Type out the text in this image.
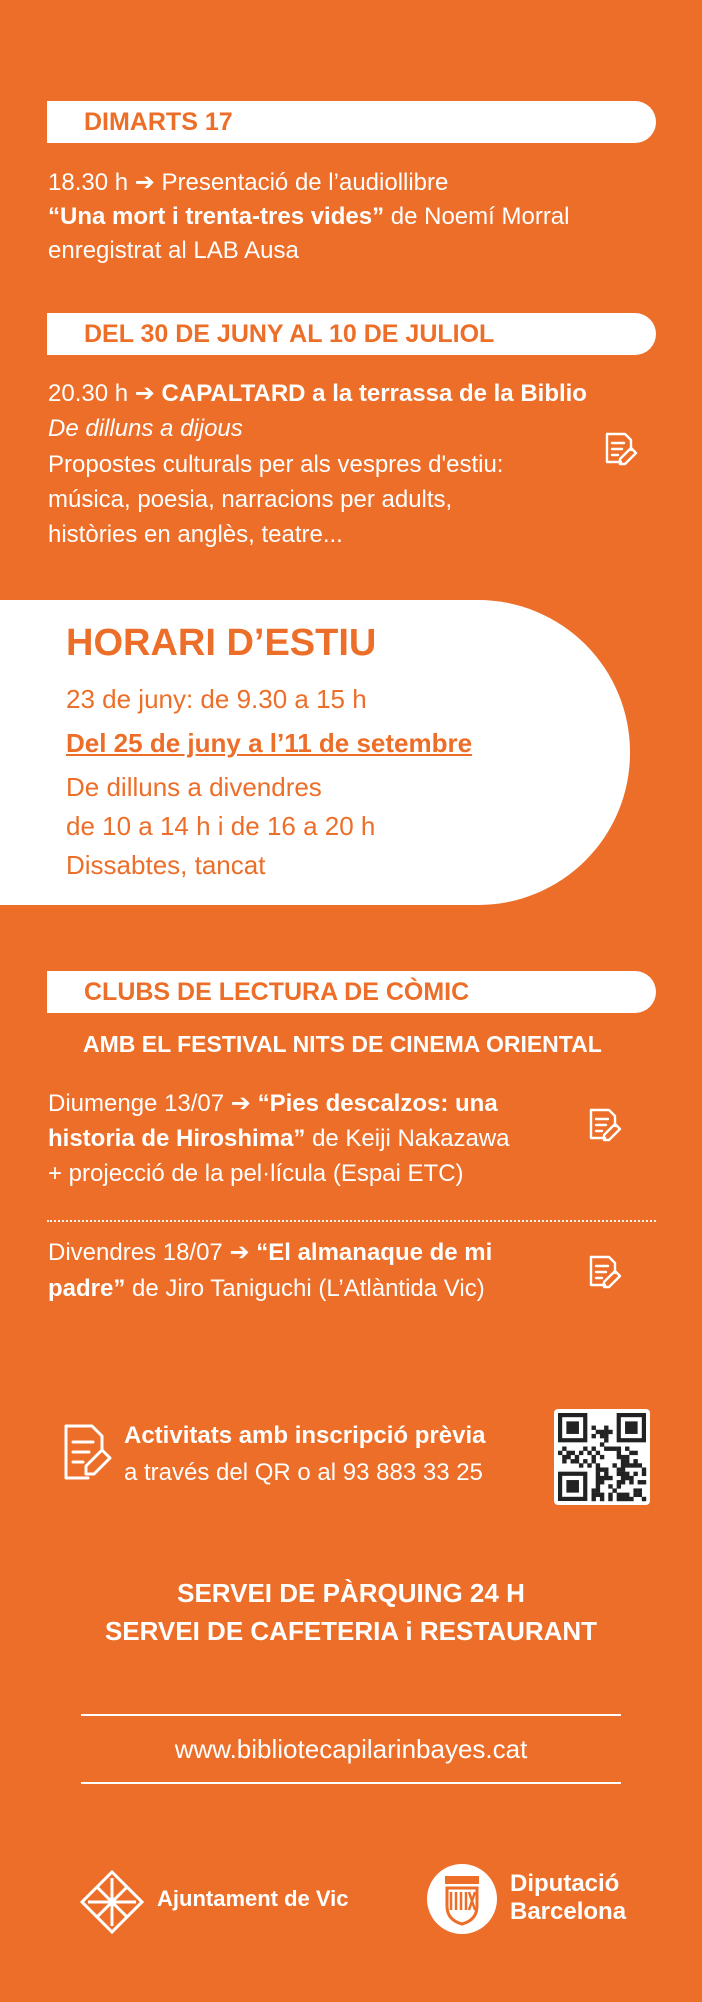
DIMARTS 17
18.30 h ➔ Presentació de l’audiollibre
“Una mort i trenta-tres vides” de Noemí Morral
enregistrat al LAB Ausa
DEL 30 DE JUNY AL 10 DE JULIOL
20.30 h ➔ CAPALTARD a la terrassa de la Biblio
De dilluns a dijous
Propostes culturals per als vespres d'estiu:
música, poesia, narracions per adults,
històries en anglès, teatre...
HORARI D’ESTIU
23 de juny: de 9.30 a 15 h
Del 25 de juny a l’11 de setembre
De dilluns a divendres
de 10 a 14 h i de 16 a 20 h
Dissabtes, tancat
CLUBS DE LECTURA DE CÒMIC
AMB EL FESTIVAL NITS DE CINEMA ORIENTAL
Diumenge 13/07 ➔ “Pies descalzos: una
historia de Hiroshima” de Keiji Nakazawa
+ projecció de la pel·lícula (Espai ETC)
Divendres 18/07 ➔ “El almanaque de mi
padre” de Jiro Taniguchi (L’Atlàntida Vic)
Activitats amb inscripció prèvia
a través del QR o al 93 883 33 25
SERVEI DE PÀRQUING 24 H
SERVEI DE CAFETERIA i RESTAURANT
www.bibliotecapilarinbayes.cat
Ajuntament de Vic
Diputació
Barcelona
